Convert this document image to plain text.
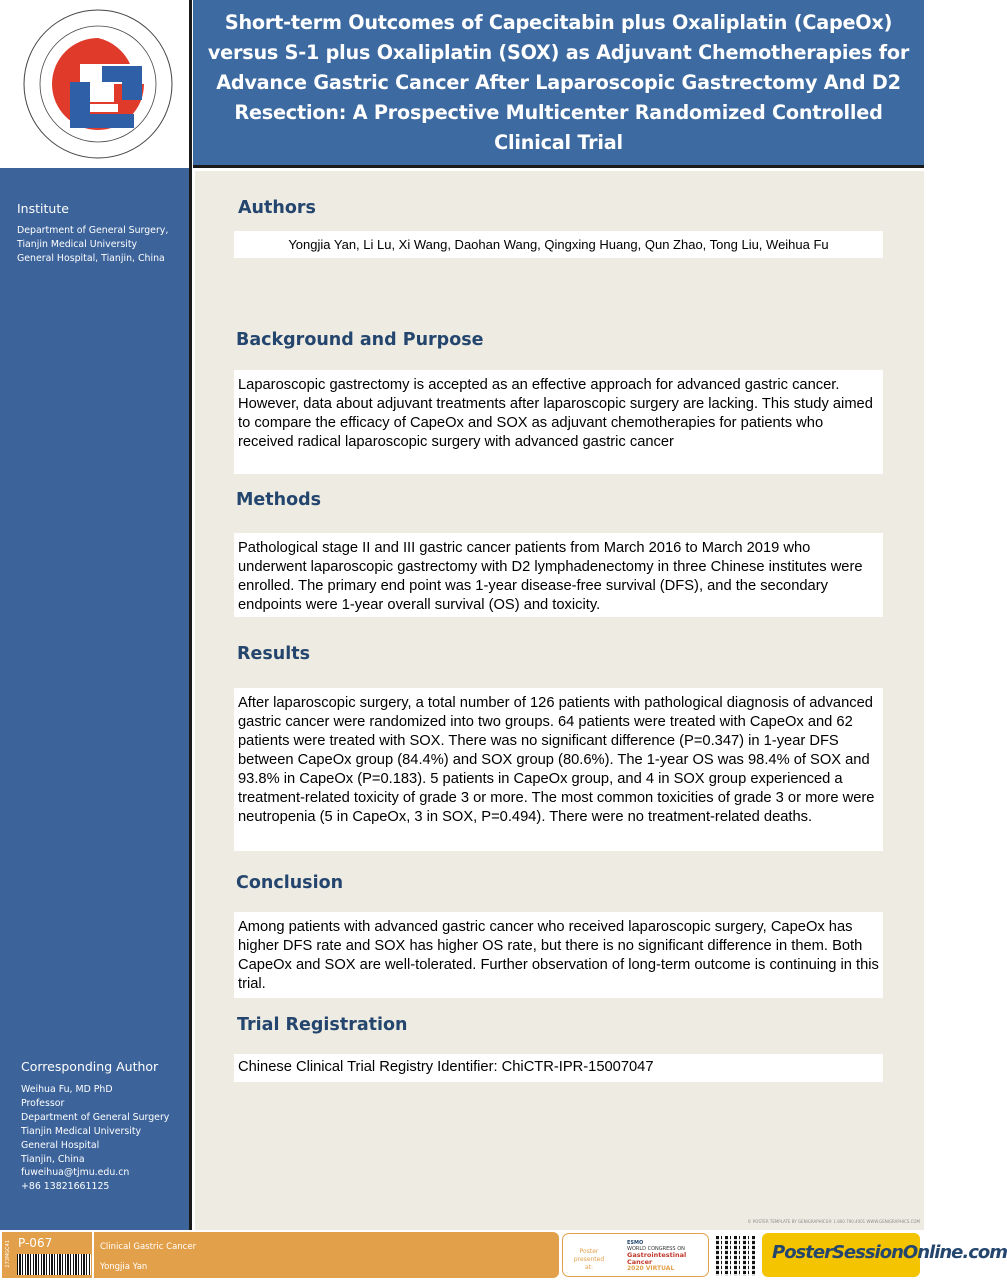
Short-term Outcomes of Capecitabin plus Oxaliplatin (CapeOx) versus S-1 plus Oxaliplatin (SOX) as Adjuvant Chemotherapies for Advance Gastric Cancer After Laparoscopic Gastrectomy And D2 Resection: A Prospective Multicenter Randomized Controlled Clinical Trial
Institute
Department of General Surgery,
Tianjin Medical University
General Hospital, Tianjin, China
Corresponding Author
Weihua Fu, MD PhD
Professor
Department of General Surgery
Tianjin Medical University
General Hospital
Tianjin, China
fuweihua@tjmu.edu.cn
+86 13821661125
Authors
Yongjia Yan, Li Lu, Xi Wang, Daohan Wang, Qingxing Huang, Qun Zhao, Tong Liu, Weihua Fu
Background and Purpose
Laparoscopic gastrectomy is accepted as an effective approach for advanced gastric cancer. However, data about adjuvant treatments after laparoscopic surgery are lacking. This study aimed to compare the efficacy of CapeOx and SOX as adjuvant chemotherapies for patients who received radical laparoscopic surgery with advanced gastric cancer
Methods
Pathological stage II and III gastric cancer patients from March 2016 to March 2019 who underwent laparoscopic gastrectomy with D2 lymphadenectomy in three Chinese institutes were enrolled. The primary end point was 1-year disease-free survival (DFS), and the secondary endpoints were 1-year overall survival (OS) and toxicity.
Results
After laparoscopic surgery, a total number of 126 patients with pathological diagnosis of advanced gastric cancer were randomized into two groups. 64 patients were treated with CapeOx and 62 patients were treated with SOX. There was no significant difference (P=0.347) in 1-year DFS between CapeOx group (84.4%) and SOX group (80.6%). The 1-year OS was 98.4% of SOX and 93.8% in CapeOx (P=0.183). 5 patients in CapeOx group, and 4 in SOX group experienced a treatment-related toxicity of grade 3 or more. The most common toxicities of grade 3 or more were neutropenia (5 in CapeOx, 3 in SOX, P=0.494). There were no treatment-related deaths.
Conclusion
Among patients with advanced gastric cancer who received laparoscopic surgery, CapeOx has higher DFS rate and SOX has higher OS rate, but there is no significant difference in them. Both CapeOx and SOX are well-tolerated. Further observation of long-term outcome is continuing in this trial.
Trial Registration
Chinese Clinical Trial Registry Identifier: ChiCTR-IPR-15007047
© POSTER TEMPLATE BY GENIGRAPHICS® 1.800.790.4001 WWW.GENIGRAPHICS.COM
273MGC41 P-067	Clinical Gastric Cancer
Yongjia Yan
Poster presented at:
ESMO
WORLD CONGRESS ON
Gastrointestinal Cancer
2020 VIRTUAL
PosterSessionOnline.com
